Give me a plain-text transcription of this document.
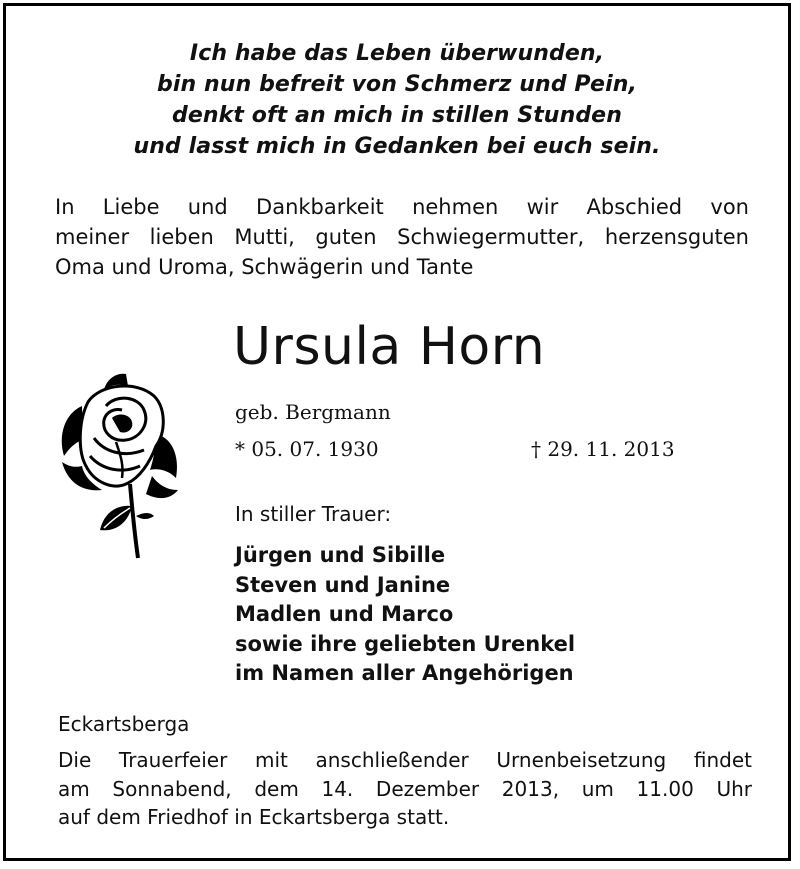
Ich habe das Leben überwunden,
bin nun befreit von Schmerz und Pein,
denkt oft an mich in stillen Stunden
und lasst mich in Gedanken bei euch sein.
In Liebe und Dankbarkeit nehmen wir Abschied von
meiner lieben Mutti, guten Schwiegermutter, herzensguten
Oma und Uroma, Schwägerin und Tante
Ursula Horn
geb. Bergmann
* 05. 07. 1930	† 29. 11. 2013
In stiller Trauer:
Jürgen und Sibille
Steven und Janine
Madlen und Marco
sowie ihre geliebten Urenkel
im Namen aller Angehörigen
Eckartsberga
Die Trauerfeier mit anschließender Urnenbeisetzung findet
am Sonnabend, dem 14. Dezember 2013, um 11.00 Uhr
auf dem Friedhof in Eckartsberga statt.
